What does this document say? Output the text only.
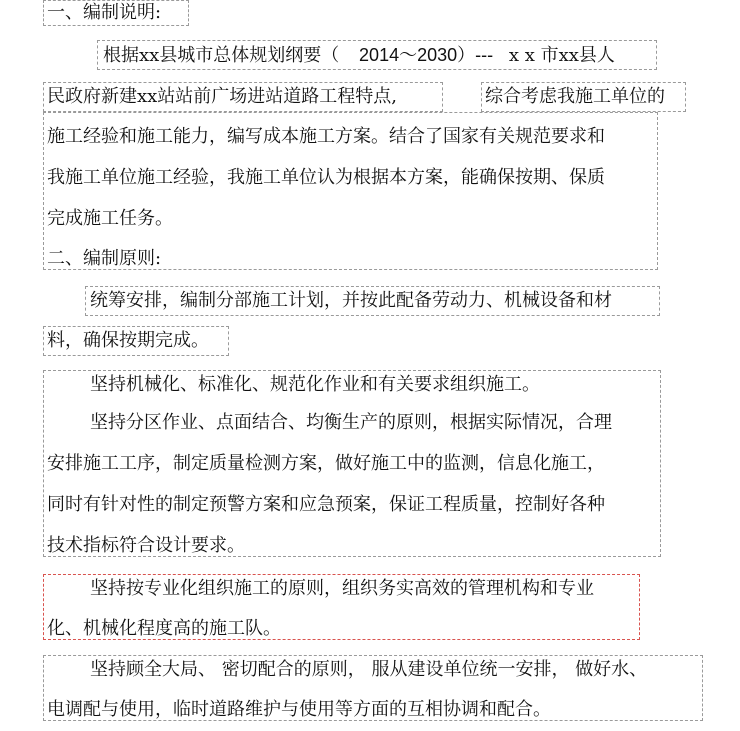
一、编制说明:
根据xx县城市总体规划纲要（ 2014～2030）--- x x 市xx县人
民政府新建xx站站前广场进站道路工程特点,	综合考虑我施工单位的
施工经验和施工能力，编写成本施工方案。结合了国家有关规范要求和
我施工单位施工经验，我施工单位认为根据本方案，能确保按期、保质
完成施工任务。
二、编制原则:
统筹安排，编制分部施工计划，并按此配备劳动力、机械设备和材
料，确保按期完成。
坚持机械化、标准化、规范化作业和有关要求组织施工。
坚持分区作业、点面结合、均衡生产的原则，根据实际情况，合理
安排施工工序，制定质量检测方案，做好施工中的监测，信息化施工，
同时有针对性的制定预警方案和应急预案，保证工程质量，控制好各种
技术指标符合设计要求。
坚持按专业化组织施工的原则，组织务实高效的管理机构和专业
化、机械化程度高的施工队。
坚持顾全大局、 密切配合的原则， 服从建设单位统一安排， 做好水、
电调配与使用，临时道路维护与使用等方面的互相协调和配合。
